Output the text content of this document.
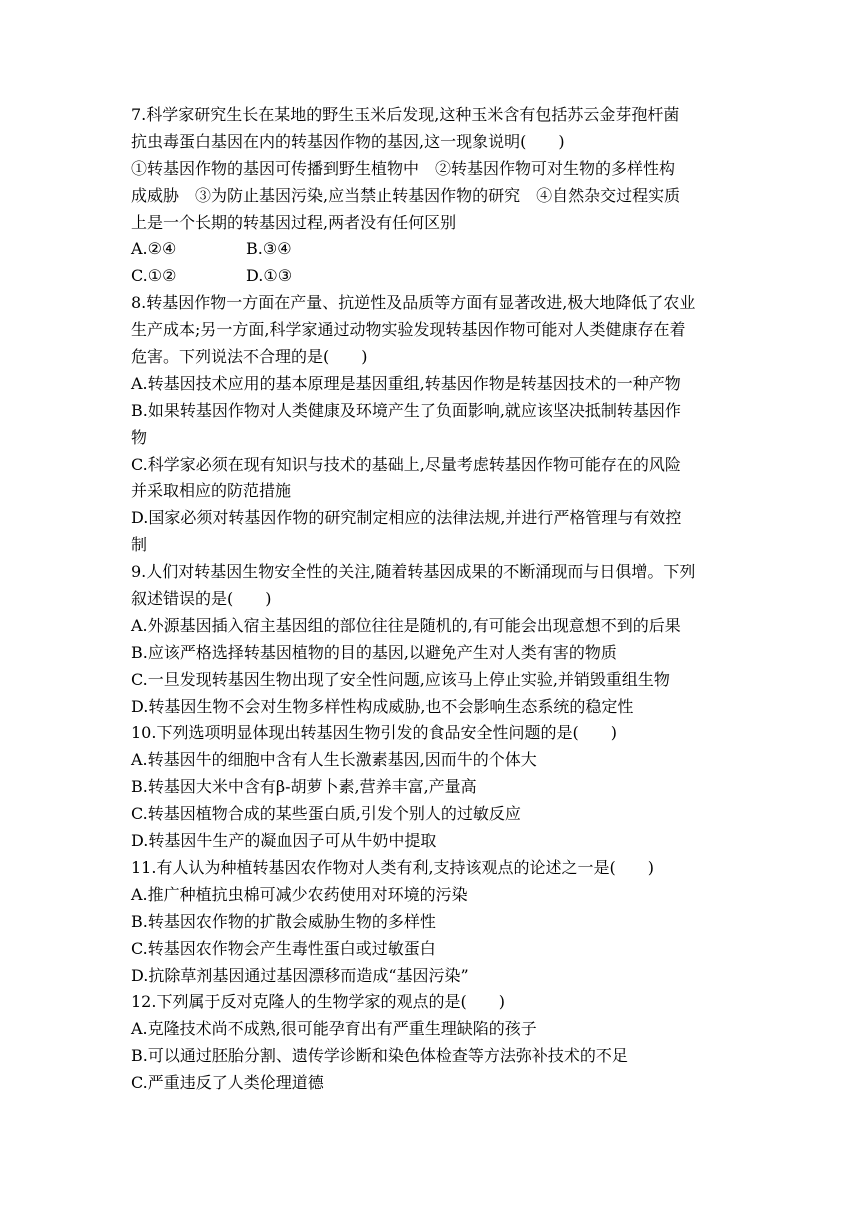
7.科学家研究生长在某地的野生玉米后发现,这种玉米含有包括苏云金芽孢杆菌
抗虫毒蛋白基因在内的转基因作物的基因,这一现象说明(　　)
①转基因作物的基因可传播到野生植物中　②转基因作物可对生物的多样性构
成威胁　③为防止基因污染,应当禁止转基因作物的研究　④自然杂交过程实质
上是一个长期的转基因过程,两者没有任何区别
A.②④	B.③④
C.①②	D.①③
8.转基因作物一方面在产量、抗逆性及品质等方面有显著改进,极大地降低了农业
生产成本;另一方面,科学家通过动物实验发现转基因作物可能对人类健康存在着
危害。下列说法不合理的是(　　)
A.转基因技术应用的基本原理是基因重组,转基因作物是转基因技术的一种产物
B.如果转基因作物对人类健康及环境产生了负面影响,就应该坚决抵制转基因作
物
C.科学家必须在现有知识与技术的基础上,尽量考虑转基因作物可能存在的风险
并采取相应的防范措施
D.国家必须对转基因作物的研究制定相应的法律法规,并进行严格管理与有效控
制
9.人们对转基因生物安全性的关注,随着转基因成果的不断涌现而与日俱增。下列
叙述错误的是(　　)
A.外源基因插入宿主基因组的部位往往是随机的,有可能会出现意想不到的后果
B.应该严格选择转基因植物的目的基因,以避免产生对人类有害的物质
C.一旦发现转基因生物出现了安全性问题,应该马上停止实验,并销毁重组生物
D.转基因生物不会对生物多样性构成威胁,也不会影响生态系统的稳定性
10.下列选项明显体现出转基因生物引发的食品安全性问题的是(　　)
A.转基因牛的细胞中含有人生长激素基因,因而牛的个体大
B.转基因大米中含有β-胡萝卜素,营养丰富,产量高
C.转基因植物合成的某些蛋白质,引发个别人的过敏反应
D.转基因牛生产的凝血因子可从牛奶中提取
11.有人认为种植转基因农作物对人类有利,支持该观点的论述之一是(　　)
A.推广种植抗虫棉可减少农药使用对环境的污染
B.转基因农作物的扩散会威胁生物的多样性
C.转基因农作物会产生毒性蛋白或过敏蛋白
D.抗除草剂基因通过基因漂移而造成“基因污染”
12.下列属于反对克隆人的生物学家的观点的是(　　)
A.克隆技术尚不成熟,很可能孕育出有严重生理缺陷的孩子
B.可以通过胚胎分割、遗传学诊断和染色体检查等方法弥补技术的不足
C.严重违反了人类伦理道德
